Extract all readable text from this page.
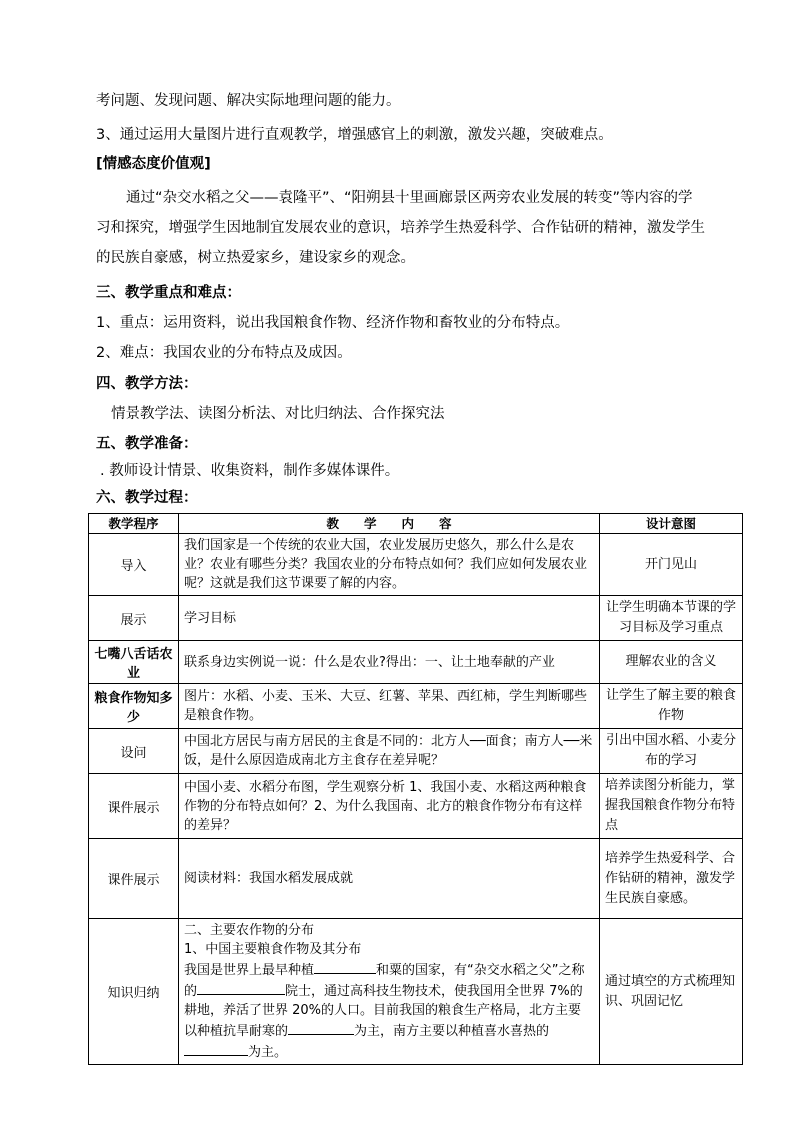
考问题、发现问题、解决实际地理问题的能力。
3、通过运用大量图片进行直观教学，增强感官上的刺激，激发兴趣，突破难点。
[情感态度价值观]
通过“杂交水稻之父——袁隆平”、“阳朔县十里画廊景区两旁农业发展的转变”等内容的学习和探究，增强学生因地制宜发展农业的意识，培养学生热爱科学、合作钻研的精神，激发学生的民族自豪感，树立热爱家乡，建设家乡的观念。
三、教学重点和难点：
1、重点：运用资料，说出我国粮食作物、经济作物和畜牧业的分布特点。
2、难点：我国农业的分布特点及成因。
四、教学方法：
情景教学法、读图分析法、对比归纳法、合作探究法
五、教学准备：
. 教师设计情景、收集资料，制作多媒体课件。
六、教学过程：
教学程序	教　　学　　内　　容	设计意图
导入	我们国家是一个传统的农业大国，农业发展历史悠久，那么什么是农业？农业有哪些分类？我国农业的分布特点如何？我们应如何发展农业呢？这就是我们这节课要了解的内容。	开门见山
展示	学习目标	让学生明确本节课的学习目标及学习重点
七嘴八舌话农业	联系身边实例说一说：什么是农业?得出：一、让土地奉献的产业	理解农业的含义
粮食作物知多少	图片：水稻、小麦、玉米、大豆、红薯、苹果、西红柿，学生判断哪些是粮食作物。	让学生了解主要的粮食作物
设问	中国北方居民与南方居民的主食是不同的：北方人──面食；南方人──米饭，是什么原因造成南北方主食存在差异呢？	引出中国水稻、小麦分布的学习
课件展示	中国小麦、水稻分布图，学生观察分析 1、我国小麦、水稻这两种粮食作物的分布特点如何？2、为什么我国南、北方的粮食作物分布有这样的差异？	培养读图分析能力，掌握我国粮食作物分布特点
课件展示	阅读材料：我国水稻发展成就	培养学生热爱科学、合作钻研的精神，激发学生民族自豪感。
知识归纳	二、主要农作物的分布
1、中国主要粮食作物及其分布
我国是世界上最早种植 和粟的国家，有“杂交水稻之父”之称的 院士，通过高科技生物技术，使我国用全世界 7%的耕地，养活了世界 20%的人口。目前我国的粮食生产格局，北方主要以种植抗旱耐寒的 为主，南方主要以种植喜水喜热的为主。	通过填空的方式梳理知识、巩固记忆
